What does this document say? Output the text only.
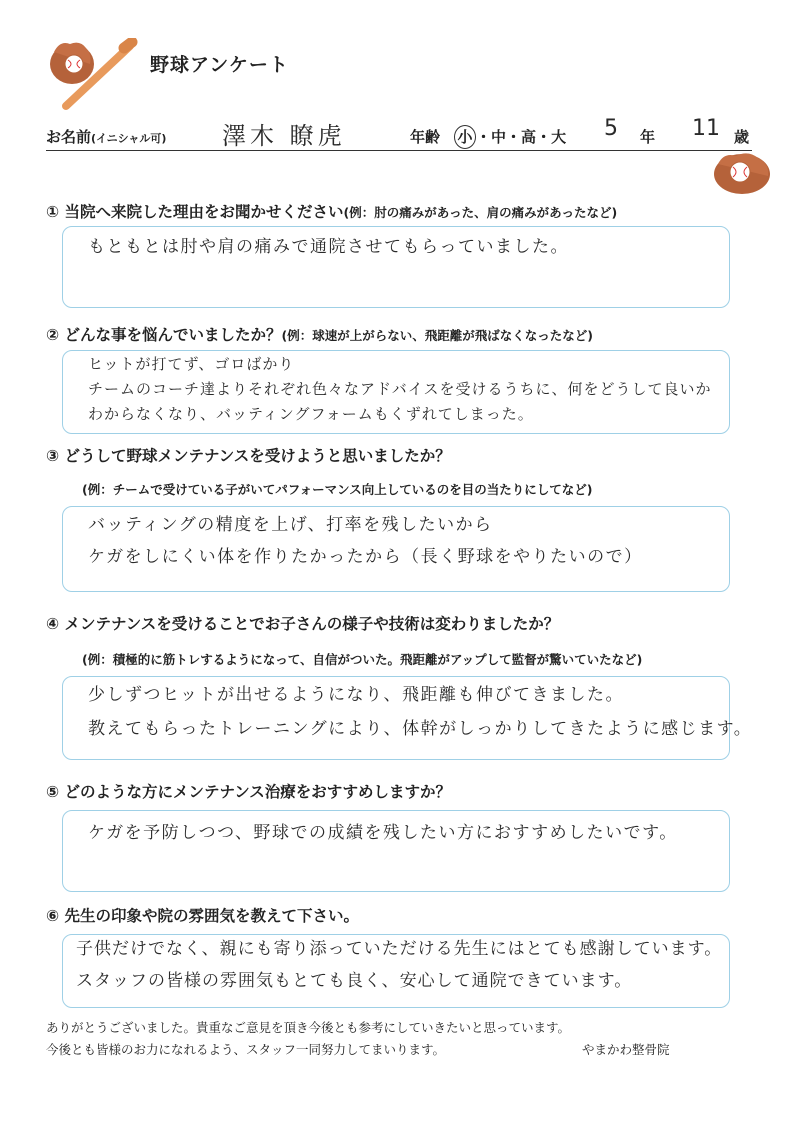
野球アンケート
お名前(イニシャル可) 澤木 瞭虎	年齢 小 ・中・高・大 5 年 11 歳
① 当院へ来院した理由をお聞かせください(例：肘の痛みがあった、肩の痛みがあったなど)
もともとは肘や肩の痛みで通院させてもらっていました。
② どんな事を悩んでいましたか？(例：球速が上がらない、飛距離が飛ばなくなったなど)
ヒットが打てず、ゴロばかり
チームのコーチ達よりそれぞれ色々なアドバイスを受けるうちに、何をどうして良いか
わからなくなり、バッティングフォームもくずれてしまった。
③ どうして野球メンテナンスを受けようと思いましたか？
(例：チームで受けている子がいてパフォーマンス向上しているのを目の当たりにしてなど)
バッティングの精度を上げ、打率を残したいから
ケガをしにくい体を作りたかったから（長く野球をやりたいので）
④ メンテナンスを受けることでお子さんの様子や技術は変わりましたか？
(例：積極的に筋トレするようになって、自信がついた。飛距離がアップして監督が驚いていたなど)
少しずつヒットが出せるようになり、飛距離も伸びてきました。
教えてもらったトレーニングにより、体幹がしっかりしてきたように感じます。
⑤ どのような方にメンテナンス治療をおすすめしますか？
ケガを予防しつつ、野球での成績を残したい方におすすめしたいです。
⑥ 先生の印象や院の雰囲気を教えて下さい。
子供だけでなく、親にも寄り添っていただける先生にはとても感謝しています。
スタッフの皆様の雰囲気もとても良く、安心して通院できています。
ありがとうございました。貴重なご意見を頂き今後とも参考にしていきたいと思っています。
今後とも皆様のお力になれるよう、スタッフ一同努力してまいります。	やまかわ整骨院
